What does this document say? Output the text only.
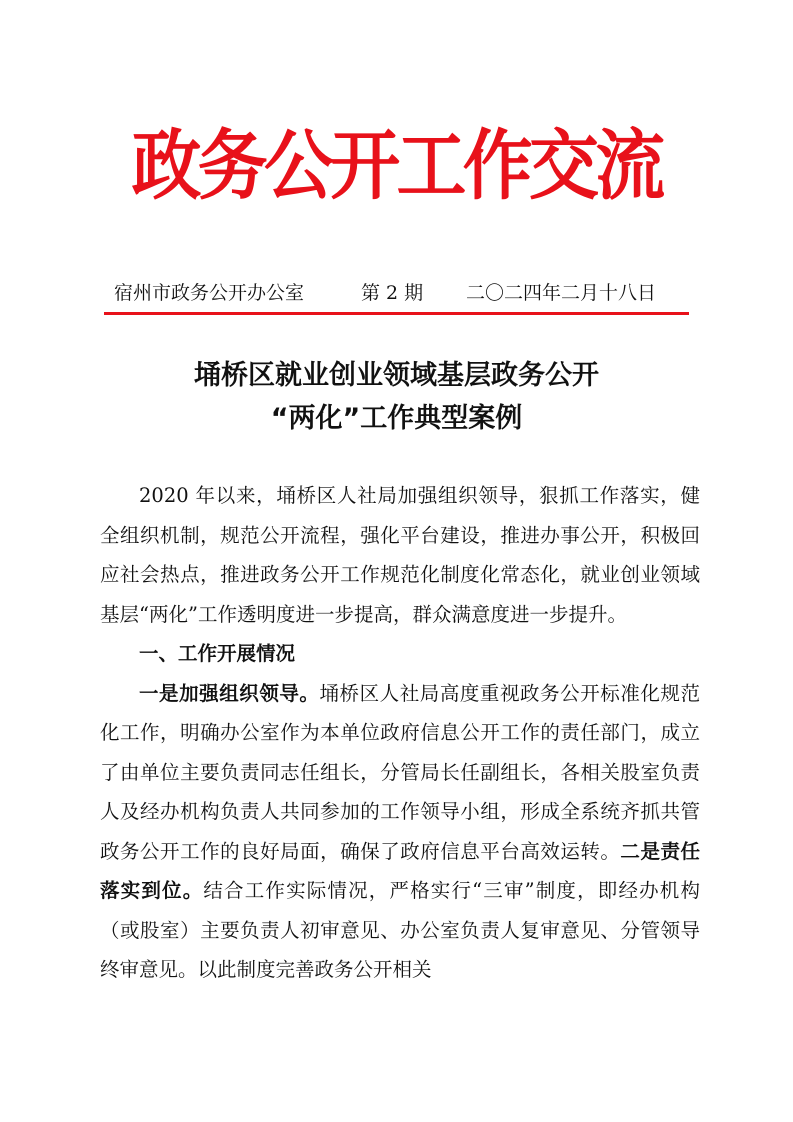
政务公开工作交流
宿州市政务公开办公室	第 2 期 二〇二四年二月十八日
埇桥区就业创业领域基层政务公开
“两化”工作典型案例

2020 年以来，埇桥区人社局加强组织领导，狠抓工作落实，健全组织机制，规范公开流程，强化平台建设，推进办事公开，积极回应社会热点，推进政务公开工作规范化制度化常态化，就业创业领域基层“两化”工作透明度进一步提高，群众满意度进一步提升。

一、工作开展情况

一是加强组织领导。埇桥区人社局高度重视政务公开标准化规范化工作，明确办公室作为本单位政府信息公开工作的责任部门，成立了由单位主要负责同志任组长，分管局长任副组长，各相关股室负责人及经办机构负责人共同参加的工作领导小组，形成全系统齐抓共管政务公开工作的良好局面，确保了政府信息平台高效运转。二是责任落实到位。结合工作实际情况，严格实行“三审”制度，即经办机构（或股室）主要负责人初审意见、办公室负责人复审意见、分管领导终审意见。以此制度完善政务公开相关
